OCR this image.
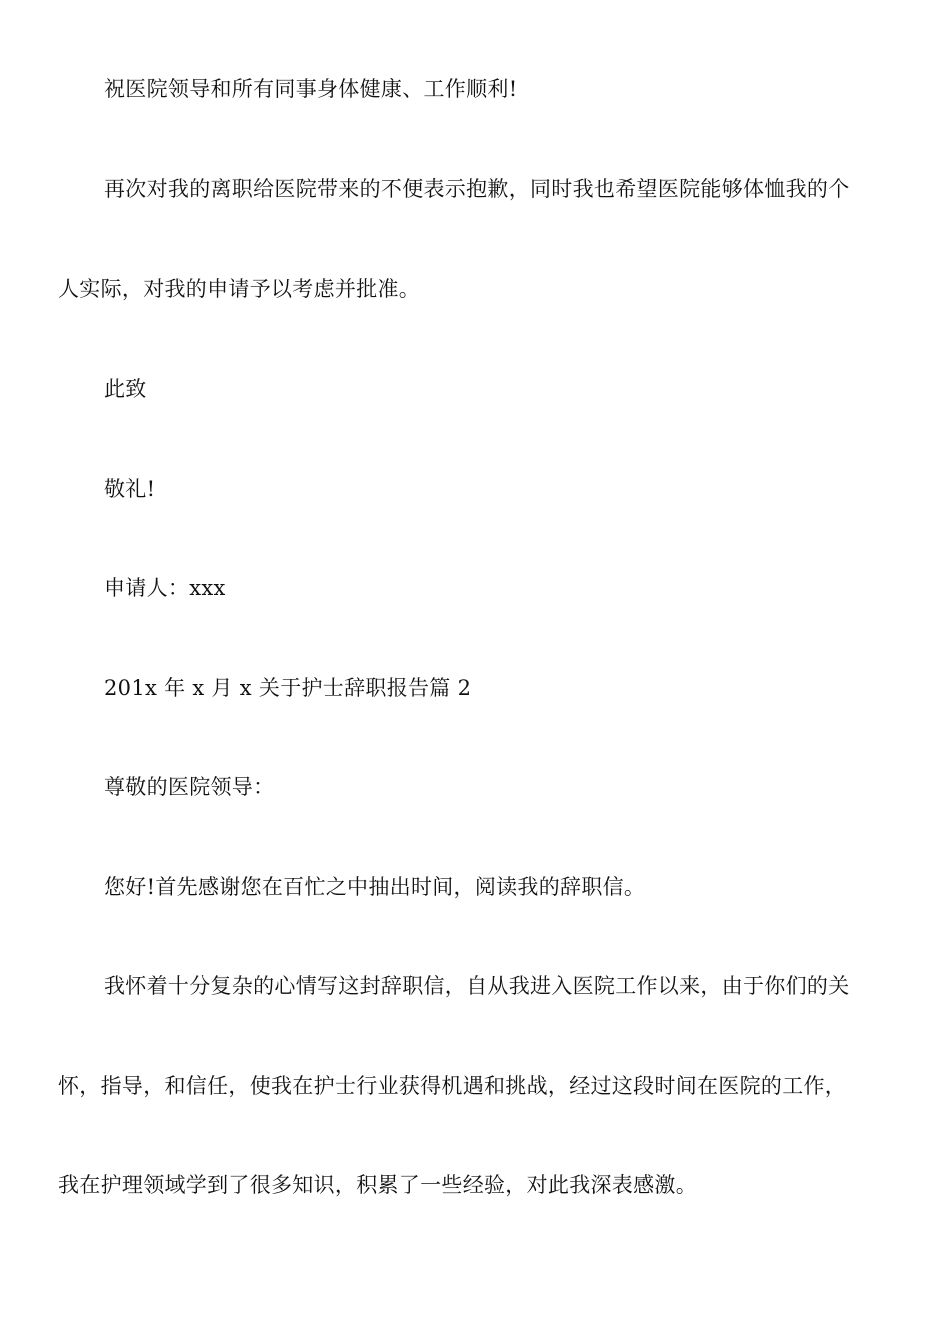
祝医院领导和所有同事身体健康、工作顺利!
再次对我的离职给医院带来的不便表示抱歉，同时我也希望医院能够体恤我的个
人实际，对我的申请予以考虑并批准。
此致
敬礼!
申请人：xxx
201x 年 x 月 x 关于护士辞职报告篇 2
尊敬的医院领导：
您好!首先感谢您在百忙之中抽出时间，阅读我的辞职信。
我怀着十分复杂的心情写这封辞职信，自从我进入医院工作以来，由于你们的关
怀，指导，和信任，使我在护士行业获得机遇和挑战，经过这段时间在医院的工作，
我在护理领域学到了很多知识，积累了一些经验，对此我深表感激。
